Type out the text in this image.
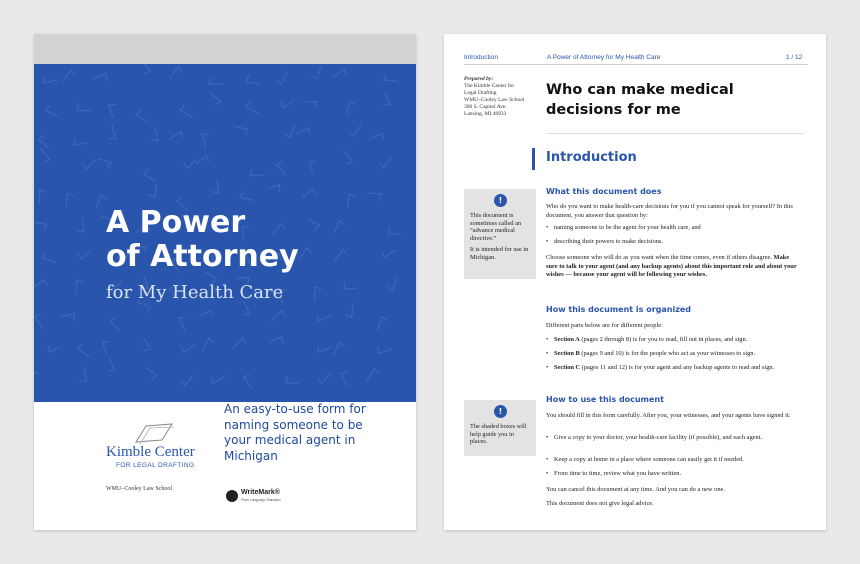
A Power
of Attorney
for My Health Care
Kimble Center
FOR LEGAL DRAFTING
WMU–Cooley Law School
An easy-to-use form for naming someone to be your medical agent in Michigan
WriteMark®
Plain Language Standard
Introduction	A Power of Attorney for My Health Care	1 / 12
Prepared by:
The Kimble Center for
Legal Drafting
WMU–Cooley Law School
300 S. Capitol Ave.
Lansing, MI 48933
Who can make medical decisions for me
Introduction
!

This document is sometimes called an “advance medical directive.”

It is intended for use in Michigan.

What this document does
Who do you want to make health-care decisions for you if you cannot speak for yourself? In this document, you answer that question by:
• naming someone to be the agent for your health care, and
• describing their powers to make decisions.
Choose someone who will do as you want when the time comes, even if others disagree. Make sure to talk to your agent (and any backup agents) about this important role and about your wishes — because your agent will be following your wishes.
How this document is organized
Different parts below are for different people:
• Section A (pages 2 through 8) is for you to read, fill out in places, and sign.
• Section B (pages 9 and 10) is for the people who act as your witnesses to sign.
• Section C (pages 11 and 12) is for your agent and any backup agents to read and sign.
!

The shaded boxes will help guide you in places.

How to use this document
You should fill in this form carefully. After you, your witnesses, and your agents have signed it:
• Give a copy to your doctor, your health-care facility (if possible), and each agent.
• Keep a copy at home in a place where someone can easily get it if needed.
• From time to time, review what you have written.
You can cancel this document at any time. And you can do a new one.
This document does not give legal advice.
